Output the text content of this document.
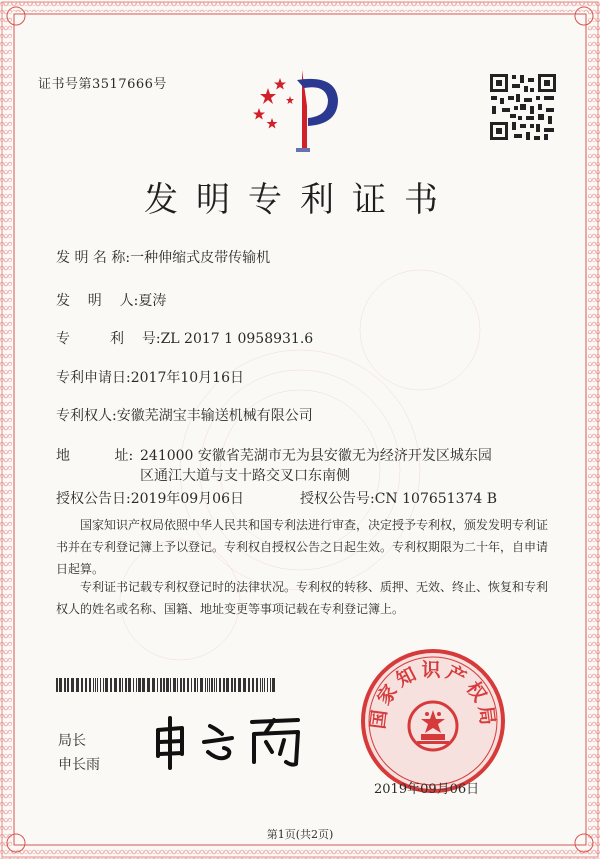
证书号第3517666号
发明专利证书
发 明 名 称:一种伸缩式皮带传输机
发    明    人:夏涛
专         利    号:ZL 2017 1 0958931.6
专利申请日:2017年10月16日
专利权人:安徽芜湖宝丰输送机械有限公司
地          址: 241000 安徽省芜湖市无为县安徽无为经济开发区城东园
区通江大道与支十路交叉口东南侧
授权公告日:2019年09月06日	授权公告号:CN 107651374 B
国家知识产权局依照中华人民共和国专利法进行审查，决定授予专利权，颁发发明专利证书并在专利登记簿上予以登记。专利权自授权公告之日起生效。专利权期限为二十年，自申请日起算。
专利证书记载专利权登记时的法律状况。专利权的转移、质押、无效、终止、恢复和专利权人的姓名或名称、国籍、地址变更等事项记载在专利登记簿上。
局长
申长雨
国家知识产权局
2019年09月06日
第1页(共2页)
